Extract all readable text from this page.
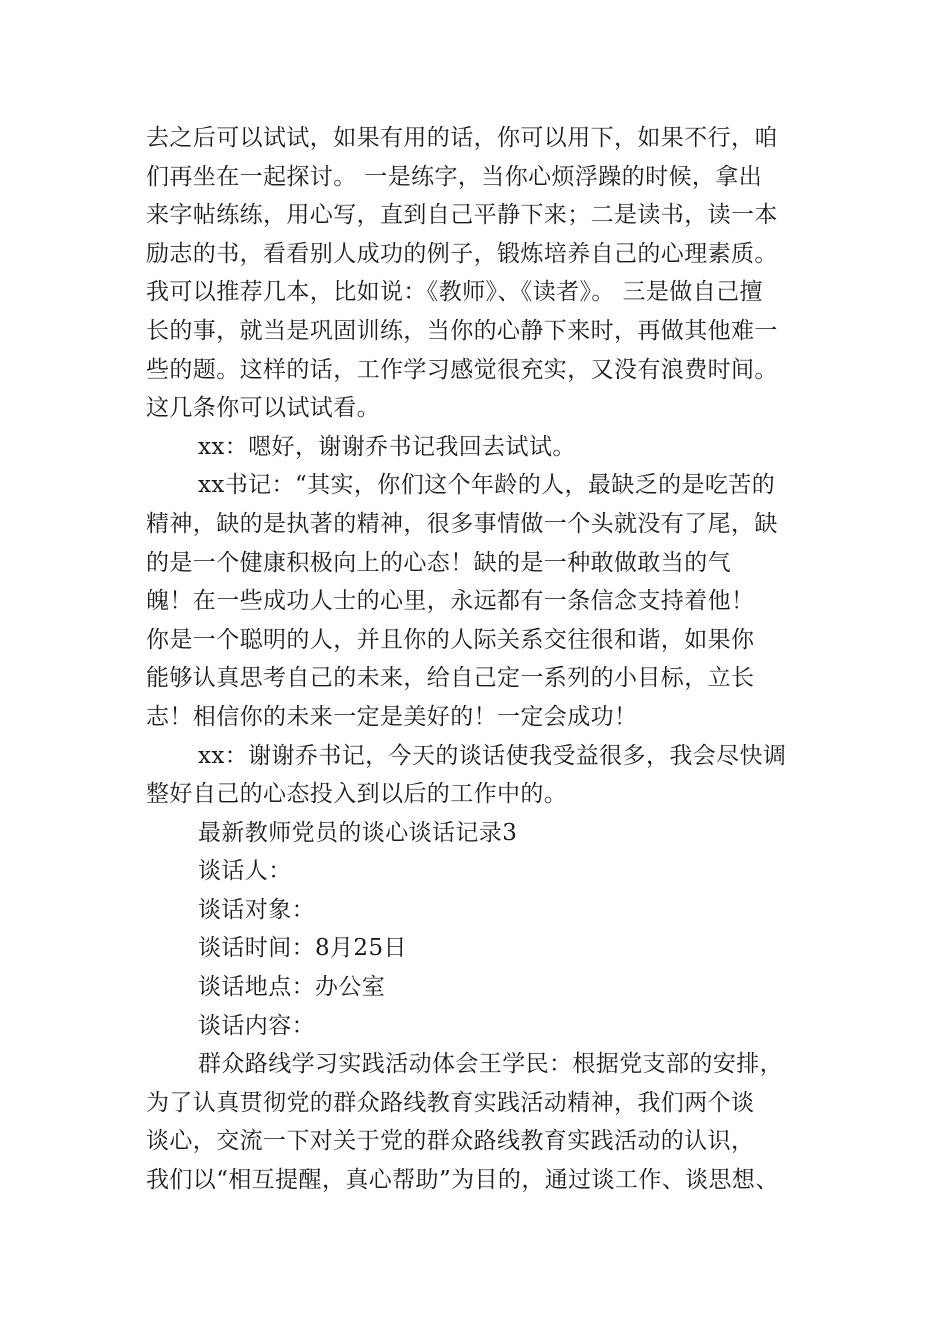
去之后可以试试，如果有用的话，你可以用下，如果不行，咱
们再坐在一起探讨。 一是练字，当你心烦浮躁的时候，拿出
来字帖练练，用心写，直到自己平静下来；二是读书，读一本
励志的书，看看别人成功的例子，锻炼培养自己的心理素质。
我可以推荐几本，比如说：《教师》、《读者》。 三是做自己擅
长的事，就当是巩固训练，当你的心静下来时，再做其他难一
些的题。这样的话，工作学习感觉很充实，又没有浪费时间。
这几条你可以试试看。
xx：嗯好，谢谢乔书记我回去试试。
xx书记：“其实，你们这个年龄的人，最缺乏的是吃苦的
精神，缺的是执著的精神，很多事情做一个头就没有了尾，缺
的是一个健康积极向上的心态！缺的是一种敢做敢当的气
魄！在一些成功人士的心里，永远都有一条信念支持着他！
你是一个聪明的人，并且你的人际关系交往很和谐，如果你
能够认真思考自己的未来，给自己定一系列的小目标，立长
志！相信你的未来一定是美好的！一定会成功！
xx：谢谢乔书记，今天的谈话使我受益很多，我会尽快调
整好自己的心态投入到以后的工作中的。
最新教师党员的谈心谈话记录3
谈话人：
谈话对象：
谈话时间：8月25日
谈话地点：办公室
谈话内容：
群众路线学习实践活动体会王学民：根据党支部的安排，
为了认真贯彻党的群众路线教育实践活动精神，我们两个谈
谈心，交流一下对关于党的群众路线教育实践活动的认识，
我们以“相互提醒，真心帮助”为目的，通过谈工作、谈思想、
